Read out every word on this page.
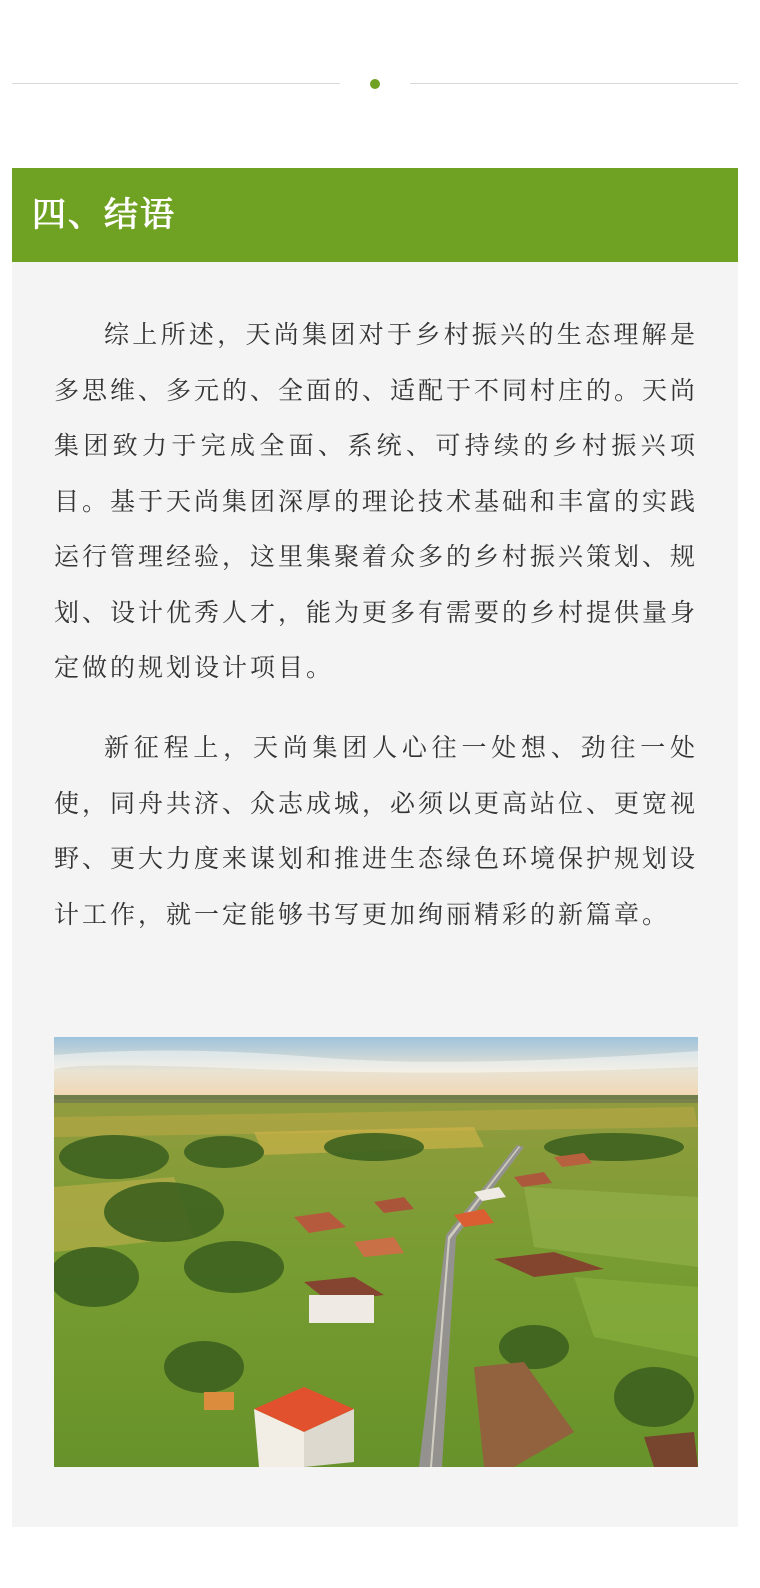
四、结语

综上所述，天尚集团对于乡村振兴的生态理解是多思维、多元的、全面的、适配于不同村庄的。天尚集团致力于完成全面、系统、可持续的乡村振兴项目。基于天尚集团深厚的理论技术基础和丰富的实践运行管理经验，这里集聚着众多的乡村振兴策划、规划、设计优秀人才，能为更多有需要的乡村提供量身定做的规划设计项目。

新征程上，天尚集团人心往一处想、劲往一处使，同舟共济、众志成城，必须以更高站位、更宽视野、更大力度来谋划和推进生态绿色环境保护规划设计工作，就一定能够书写更加绚丽精彩的新篇章。
